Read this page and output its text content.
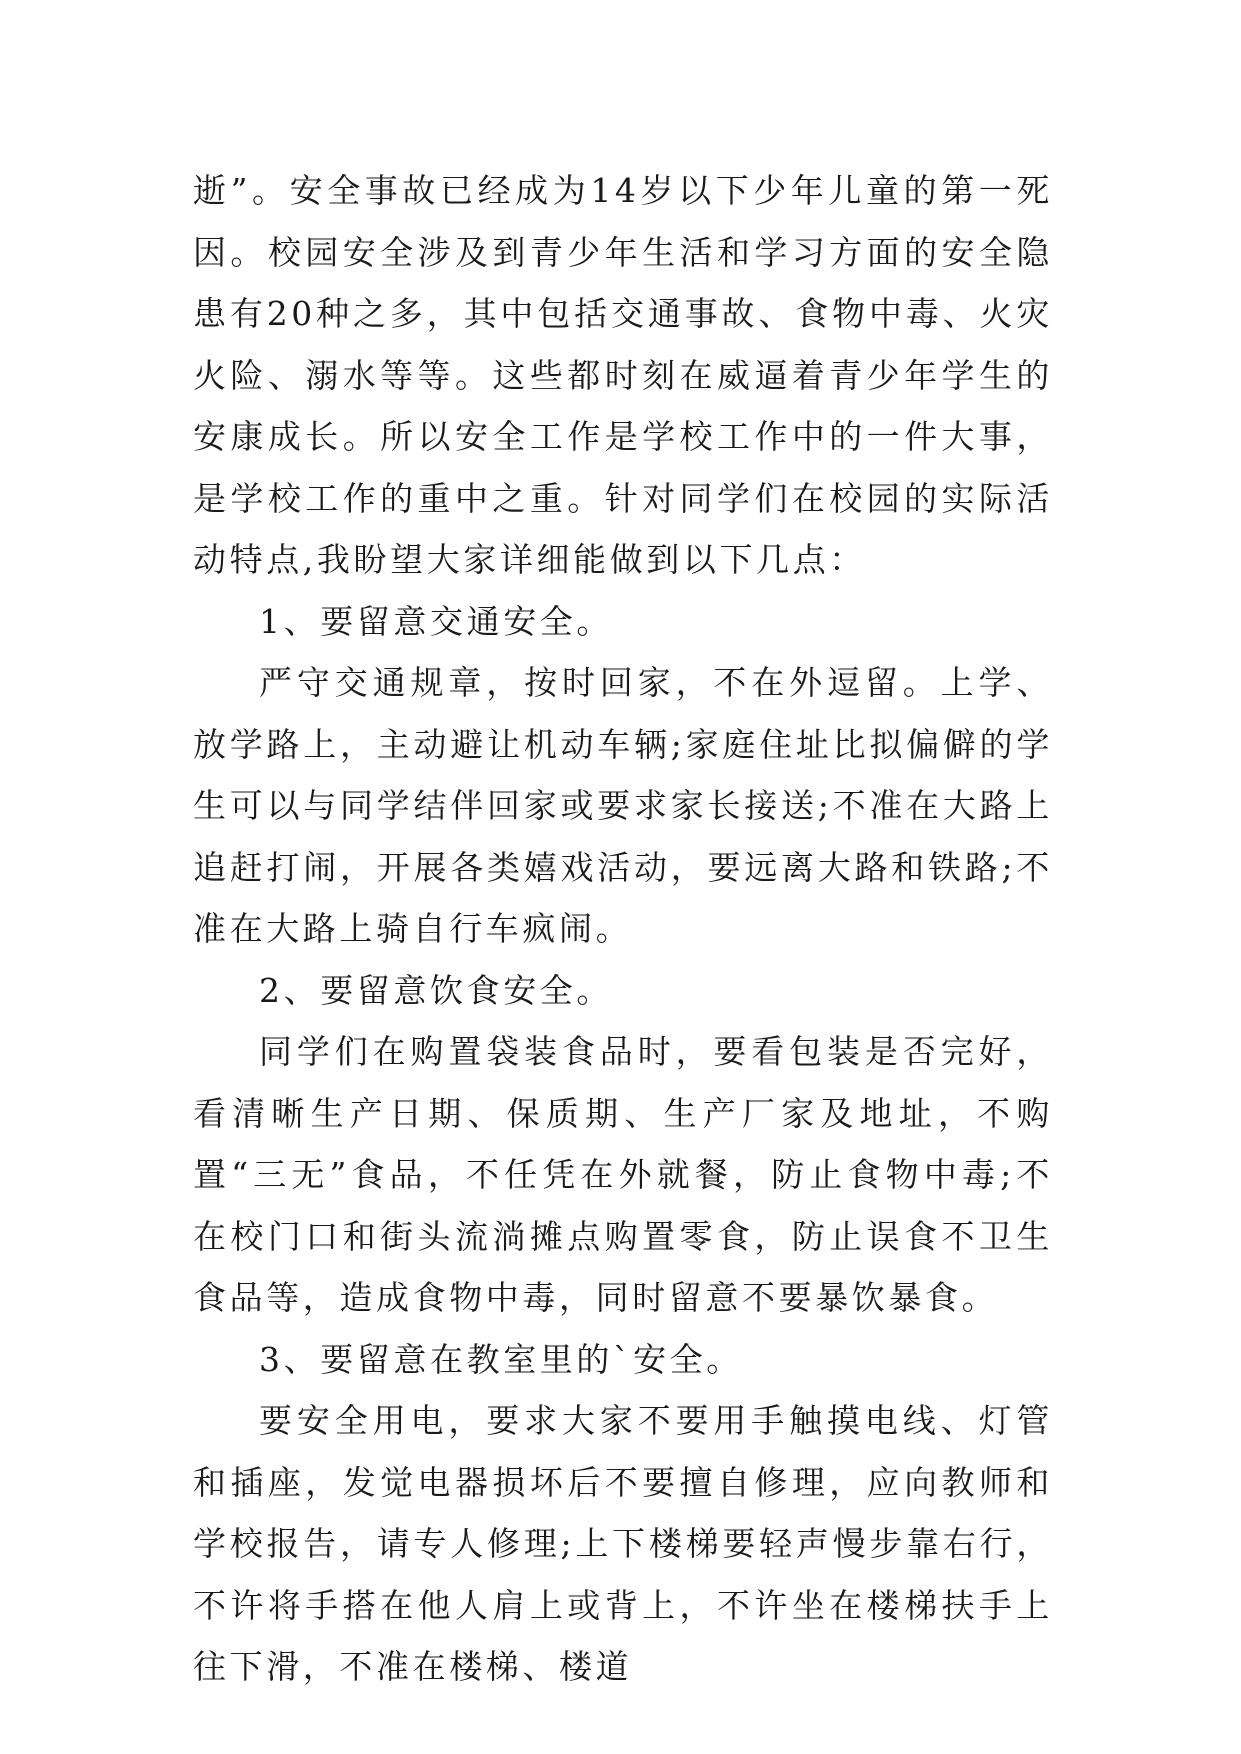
逝”。安全事故已经成为14岁以下少年儿童的第一死因。校园安全涉及到青少年生活和学习方面的安全隐患有20种之多，其中包括交通事故、食物中毒、火灾火险、溺水等等。这些都时刻在威逼着青少年学生的安康成长。所以安全工作是学校工作中的一件大事，是学校工作的重中之重。针对同学们在校园的实际活动特点,我盼望大家详细能做到以下几点：

1、要留意交通安全。

严守交通规章，按时回家，不在外逗留。上学、放学路上，主动避让机动车辆;家庭住址比拟偏僻的学生可以与同学结伴回家或要求家长接送;不准在大路上追赶打闹，开展各类嬉戏活动，要远离大路和铁路;不准在大路上骑自行车疯闹。

2、要留意饮食安全。

同学们在购置袋装食品时，要看包装是否完好，看清晰生产日期、保质期、生产厂家及地址，不购置“三无”食品，不任凭在外就餐，防止食物中毒;不在校门口和街头流淌摊点购置零食，防止误食不卫生食品等，造成食物中毒，同时留意不要暴饮暴食。

3、要留意在教室里的`安全。

要安全用电，要求大家不要用手触摸电线、灯管和插座，发觉电器损坏后不要擅自修理，应向教师和学校报告，请专人修理;上下楼梯要轻声慢步靠右行，不许将手搭在他人肩上或背上，不许坐在楼梯扶手上往下滑，不准在楼梯、楼道
